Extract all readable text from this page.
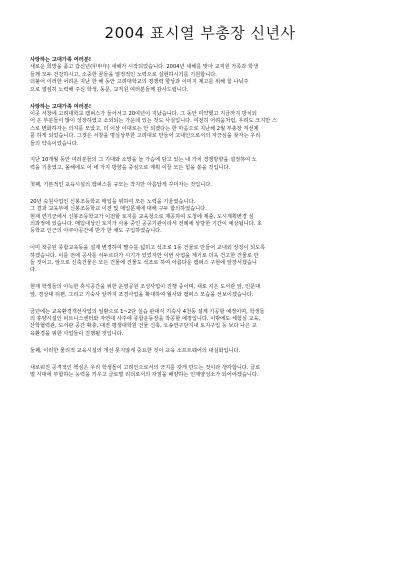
2004 표시열 부총장 신년사

사랑하는 고대가족 여러분!
새로운 희망을 품고 갑신년(甲申年) 새해가 시작되었습니다. 2004년 새해를 맞아 교직원 가족과 학생
들께 모두 건강하시고, 소중한 꿈들을 열정적인 노력으로 실현하시기를 기원합니다.
더불어 이러한 어려운 지난 한 해 동안 고려대학교의 경쟁력 향상과 이미지 제고를 위해 힘 나눠주
으로 열심히 노력해 주신 학생, 동문, 교직원 여러분들께 감사드립니다.

사랑하는 고대가족 여러분!
이곳 서창에 고려대학교 캠퍼스가 들어서고 20여년이 지났습니다. 그 동안 미약했고 지금까지 방치되
어 온 부분들이 많이 성장하였고 소외되는 가운데 있는 것도 사실입니다. 여전히 어려움처럼, 우려도 크지만 스
스로 변화하자는 의지를 모았고, 더 이상 이대로는 안 되겠다는 한 마음으로 지난해 2월 부총장 직선제
를 하게 되었습니다. 그것은 서창을 명실상부한 고려대로 만들어 고대인으로서의 자긍심을 찾자는 우리
들의 약속이었습니다.

지난 10개월 동안 여러분들의 그 기대와 소망을 늘 가슴에 담고 있는 내 가치 경쟁방향을 설정하여 노
력을 기울였고, 올해에도 이 네 가지 방향을 중심으로 계획 이끌 모든 힘을 쏟을 것입니다.

첫째, 기본적인 교육시설의 캠퍼스를 규모는 작지만 아름답게 꾸미자는 것입니다.

20년 숙원사업인 신봉조등학교 매입을 위하여 모든 노력을 기울였습니다.
그 결과 교육부에 신봉조등학교 이전 및 매입문제에 대해 구두 합의하였습니다.
현재 연기군에서 신봉조등학교가 이전할 토지를 교육청으로 제공하여 도청에 제출, 도시계획변경 심
의과정에 있습니다. 매입대상인 토지가 사용 중인 공공기관이라서 전례에 상당한 기간이 예상됩니다. 초
등학교 인근의 아쿠아공간에 반가 한 채도 구입하였습니다.

이미 착공된 종합교육동을 설계 변경하여 빨수를 넓히고 석조로 1동 건물로 만들어 교내외 상징이 되도록
하겠습니다. 이를 전에 공사를 서두르다가 시기가 있었지만 이번 사업을 계기로 더욱 건고한 건물로 만
들 것이고, 앞으로 신축건물은 모든 건물에 건물도 석조로 하여 아름다운 캠퍼스 구현에 앞장서겠습니
다.

현재 학생들의 아늑한 휴식공간을 위한 운영공원 조성사업이 진행 중이며, 새로 지은 도서관 앞, 인문대
앞, 경상대 뒤편, 그리고 기숙사 앞까지 조경사업을 확대하여 월사와 캠퍼스 모습을 선보이겠습니다.

금년에는 교육환경개선사업의 일환으로 1~2단 실습 판대식 기숙사 4천동 설계 기공할 예정이며, 학생들
의 휴양시설인 피트니스센터와 자연대 사주에 종합운동장을 착공할 예정입니다. 이밖에도 체험실 교육,
산학협력관, 도서관 공간 확충, 대전 평생대학원 건물 신축, 오송연구단지내 토지구입 등 보다 나은 교
육환경을 위한 사업들이 진행될 것입니다.

둘째, 이러한 물리적 교육시설의 개선 못지않게 중요한 것이 교육 소프트웨어의 내실화입니다.

새로워진 공격적인 핵심은 우리 학생들이 고려인으로서의 긍지를 갖게 만드는 것이라 생각합니다. 글로
벌 시대에 부합하는 능력을 키우고 글로벌 리더로서의 자질을 배양하는 인재양성소가 되어야겠습니다.
